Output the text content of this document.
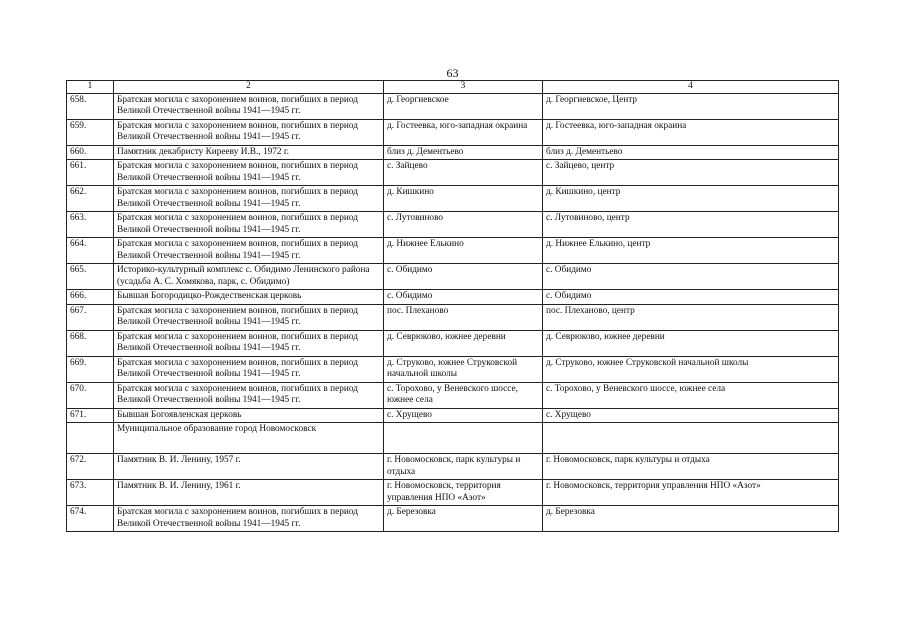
63
1	2	3	4
658.	Братская могила с захоронением воинов, погибших в период Великой Отечественной войны 1941—1945 гг.	д. Георгиевское	д. Георгиевское, Центр
659.	Братская могила с захоронением воинов, погибших в период Великой Отечественной войны 1941—1945 гг.	д. Гостеевка, юго-западная окраина	д. Гостеевка, юго-западная окраина
660.	Памятник декабристу Кирееву И.В., 1972 г.	близ д. Дементьево	близ д. Дементьево
661.	Братская могила с захоронением воинов, погибших в период Великой Отечественной войны 1941—1945 гг.	с. Зайцево	с. Зайцево, центр
662.	Братская могила с захоронением воинов, погибших в период Великой Отечественной войны 1941—1945 гг.	д. Кишкино	д. Кишкино, центр
663.	Братская могила с захоронением воинов, погибших в период Великой Отечественной войны 1941—1945 гг.	с. Лутовиново	с. Лутовиново, центр
664.	Братская могила с захоронением воинов, погибших в период Великой Отечественной войны 1941—1945 гг.	д. Нижнее Елькино	д. Нижнее Елькино, центр
665.	Историко-культурный комплекс с. Обидимо Ленинского района (усадьба А. С. Хомякова, парк, с. Обидимо)	с. Обидимо	с. Обидимо
666.	Бывшая Богородицко-Рождественская церковь	с. Обидимо	с. Обидимо
667.	Братская могила с захоронением воинов, погибших в период Великой Отечественной войны 1941—1945 гг.	пос. Плеханово	пос. Плеханово, центр
668.	Братская могила с захоронением воинов, погибших в период Великой Отечественной войны 1941—1945 гг.	д. Севрюково, южнее деревни	д. Севрюково, южнее деревни
669.	Братская могила с захоронением воинов, погибших в период Великой Отечественной войны 1941—1945 гг.	д. Струково, южнее Струковской начальной школы	д. Струково, южнее Струковской начальной школы
670.	Братская могила с захоронением воинов, погибших в период Великой Отечественной войны 1941—1945 гг.	с. Торохово, у Веневского шоссе, южнее села	с. Торохово, у Веневского шоссе, южнее села
671.	Бывшая Богоявленская церковь	с. Хрущево	с. Хрущево
	Муниципальное образование город Новомосковск		
672.	Памятник В. И. Ленину, 1957 г.	г. Новомосковск, парк культуры и отдыха	г. Новомосковск, парк культуры и отдыха
673.	Памятник В. И. Ленину, 1961 г.	г. Новомосковск, территория управления НПО «Азот»	г. Новомосковск, территория управления НПО «Азот»
674.	Братская могила с захоронением воинов, погибших в период Великой Отечественной войны 1941—1945 гг.	д. Березовка	д. Березовка
